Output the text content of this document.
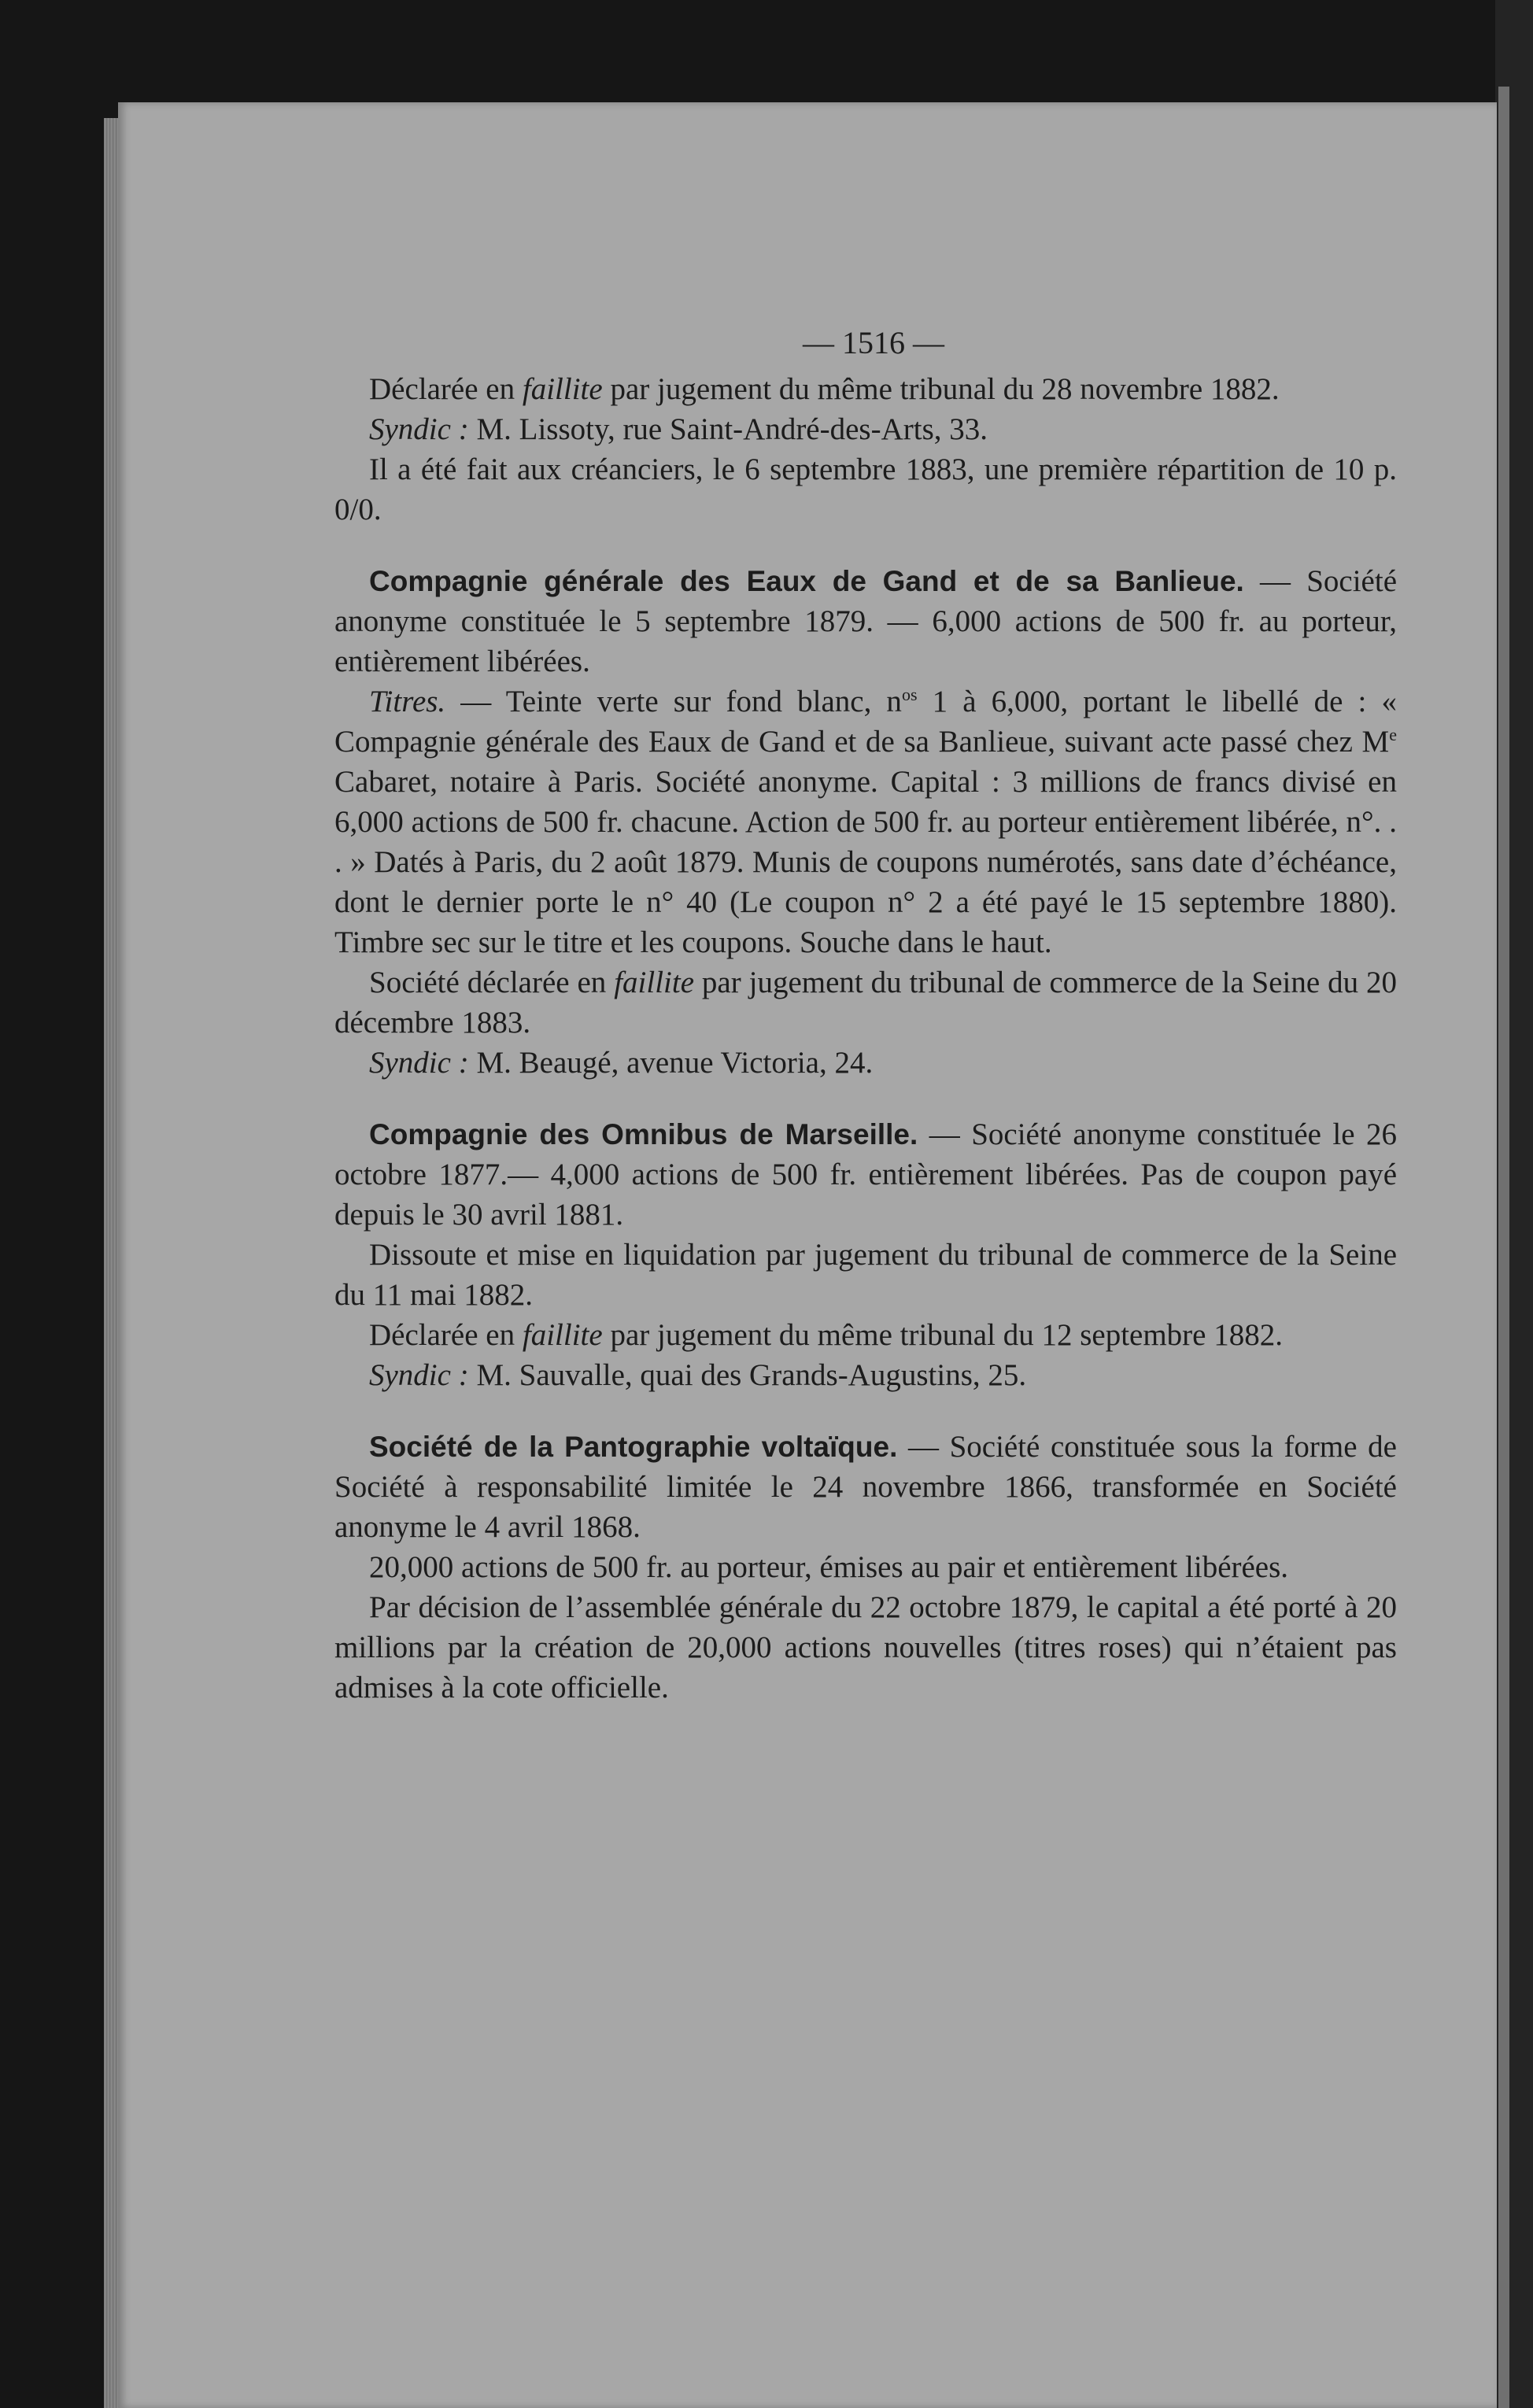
— 1516 —

Déclarée en faillite par jugement du même tribunal du 28 novembre 1882.

Syndic : M. Lissoty, rue Saint-André-des-Arts, 33.

Il a été fait aux créanciers, le 6 septembre 1883, une première répartition de 10 p. 0/0.

Compagnie générale des Eaux de Gand et de sa Banlieue. — Société anonyme constituée le 5 septembre 1879. — 6,000 actions de 500 fr. au porteur, entièrement libérées.

Titres. — Teinte verte sur fond blanc, $n^{os}$ 1 à 6,000, portant le libellé de : « Compagnie générale des Eaux de Gand et de sa Banlieue, suivant acte passé chez Me Cabaret, notaire à Paris. Société anonyme. Capital : 3 millions de francs divisé en 6,000 actions de 500 fr. chacune. Action de 500 fr. au porteur entièrement libérée, n°. . . » Datés à Paris, du 2 août 1879. Munis de coupons numérotés, sans date d’échéance, dont le dernier porte le n° 40 (Le coupon n° 2 a été payé le 15 septembre 1880). Timbre sec sur le titre et les coupons. Souche dans le haut.

Société déclarée en faillite par jugement du tribunal de commerce de la Seine du 20 décembre 1883.

Syndic : M. Beaugé, avenue Victoria, 24.

Compagnie des Omnibus de Marseille. — Société anonyme constituée le 26 octobre 1877.— 4,000 actions de 500 fr. entièrement libérées. Pas de coupon payé depuis le 30 avril 1881.

Dissoute et mise en liquidation par jugement du tribunal de commerce de la Seine du 11 mai 1882.

Déclarée en faillite par jugement du même tribunal du 12 septembre 1882.

Syndic : M. Sauvalle, quai des Grands-Augustins, 25.

Société de la Pantographie voltaïque. — Société constituée sous la forme de Société à responsabilité limitée le 24 novembre 1866, transformée en Société anonyme le 4 avril 1868.

20,000 actions de 500 fr. au porteur, émises au pair et entièrement libérées.

Par décision de l’assemblée générale du 22 octobre 1879, le capital a été porté à 20 millions par la création de 20,000 actions nouvelles (titres roses) qui n’étaient pas admises à la cote officielle.
